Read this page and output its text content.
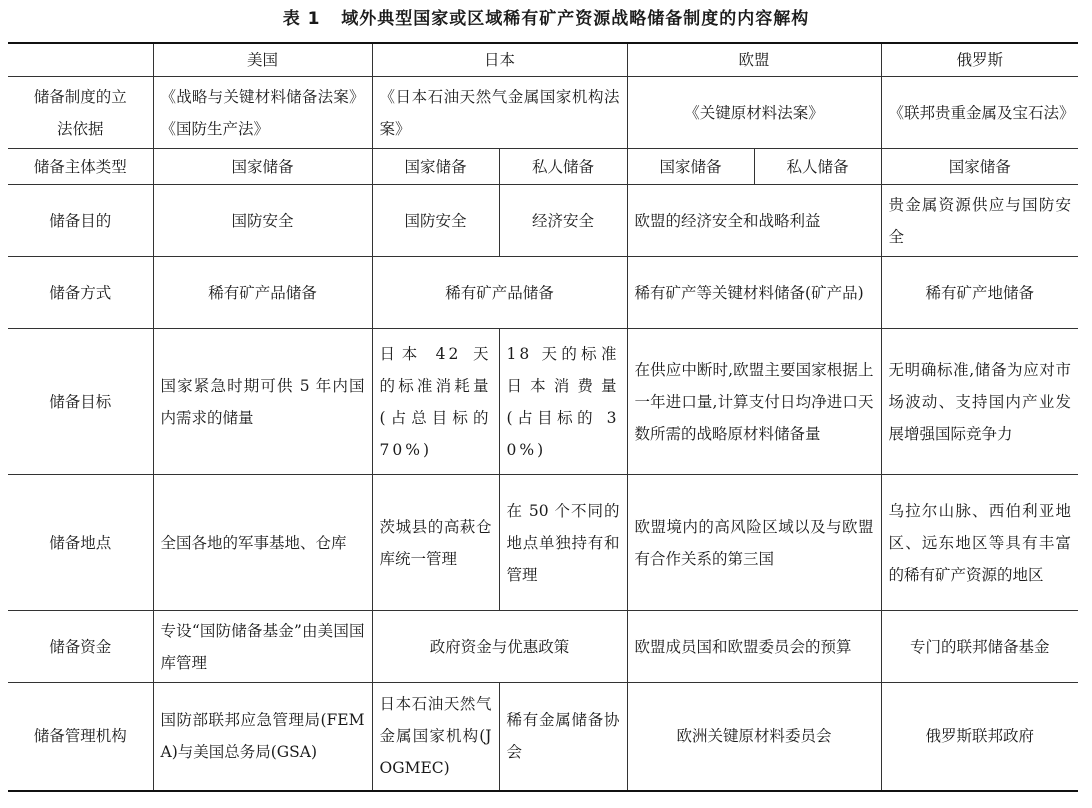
表 1 域外典型国家或区域稀有矿产资源战略储备制度的内容解构
	美国	日本		欧盟		俄罗斯
储备制度的立法依据	《战略与关键材料储备法案》《国防生产法》	《日本石油天然气金属国家机构法案》		《关键原材料法案》		《联邦贵重金属及宝石法》
储备主体类型	国家储备	国家储备	私人储备	国家储备	私人储备	国家储备
储备目的	国防安全	国防安全	经济安全	欧盟的经济安全和战略利益		贵金属资源供应与国防安全
储备方式	稀有矿产品储备	稀有矿产品储备		稀有矿产等关键材料储备(矿产品)		稀有矿产地储备
储备目标	国家紧急时期可供 5 年内国内需求的储量	日本 42 天的标准消耗量(占总目标的 70%)	18 天的标准日本消费量(占目标的 30%)	在供应中断时,欧盟主要国家根据上一年进口量,计算支付日均净进口天数所需的战略原材料储备量		无明确标准,储备为应对市场波动、支持国内产业发展增强国际竞争力
储备地点	全国各地的军事基地、仓库	茨城县的高萩仓库统一管理	在 50 个不同的地点单独持有和管理	欧盟境内的高风险区域以及与欧盟有合作关系的第三国		乌拉尔山脉、西伯利亚地区、远东地区等具有丰富的稀有矿产资源的地区
储备资金	专设“国防储备基金”由美国国库管理	政府资金与优惠政策		欧盟成员国和欧盟委员会的预算		专门的联邦储备基金
储备管理机构	国防部联邦应急管理局(FEMA)与美国总务局(GSA)	日本石油天然气金属国家机构(JOGMEC)	稀有金属储备协会	欧洲关键原材料委员会		俄罗斯联邦政府
